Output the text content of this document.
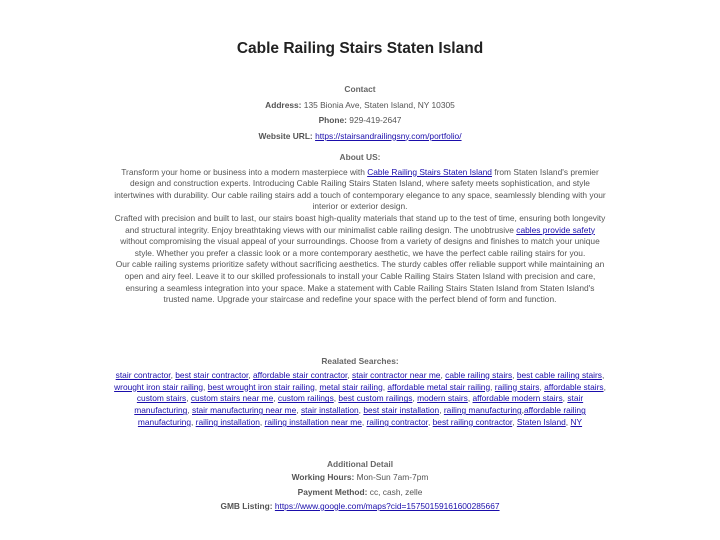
Cable Railing Stairs Staten Island
Contact
Address: 135 Bionia Ave, Staten Island, NY 10305
Phone: 929-419-2647
Website URL: https://stairsandrailingsny.com/portfolio/
About US:

Transform your home or business into a modern masterpiece with Cable Railing Stairs Staten Island from Staten Island's premier design and construction experts. Introducing Cable Railing Stairs Staten Island, where safety meets sophistication, and style intertwines with durability. Our cable railing stairs add a touch of contemporary elegance to any space, seamlessly blending with your interior or exterior design.

Crafted with precision and built to last, our stairs boast high-quality materials that stand up to the test of time, ensuring both longevity and structural integrity. Enjoy breathtaking views with our minimalist cable railing design. The unobtrusive cables provide safety without compromising the visual appeal of your surroundings. Choose from a variety of designs and finishes to match your unique style. Whether you prefer a classic look or a more contemporary aesthetic, we have the perfect cable railing stairs for you.

Our cable railing systems prioritize safety without sacrificing aesthetics. The sturdy cables offer reliable support while maintaining an open and airy feel. Leave it to our skilled professionals to install your Cable Railing Stairs Staten Island with precision and care, ensuring a seamless integration into your space. Make a statement with Cable Railing Stairs Staten Island from Staten Island's trusted name. Upgrade your staircase and redefine your space with the perfect blend of form and function.

Realated Searches:
stair contractor, best stair contractor, affordable stair contractor, stair contractor near me, cable railing stairs, best cable railing stairs, wrought iron stair railing, best wrought iron stair railing, metal stair railing, affordable metal stair railing, railing stairs, affordable stairs, custom stairs, custom stairs near me, custom railings, best custom railings, modern stairs, affordable modern stairs, stair manufacturing, stair manufacturing near me, stair installation, best stair installation, railing manufacturing,affordable railing manufacturing, railing installation, railing installation near me, railing contractor, best railing contractor, Staten Island, NY
Additional Detail
Working Hours: Mon-Sun 7am-7pm
Payment Method: cc, cash, zelle
GMB Listing: https://www.google.com/maps?cid=15750159161600285667
